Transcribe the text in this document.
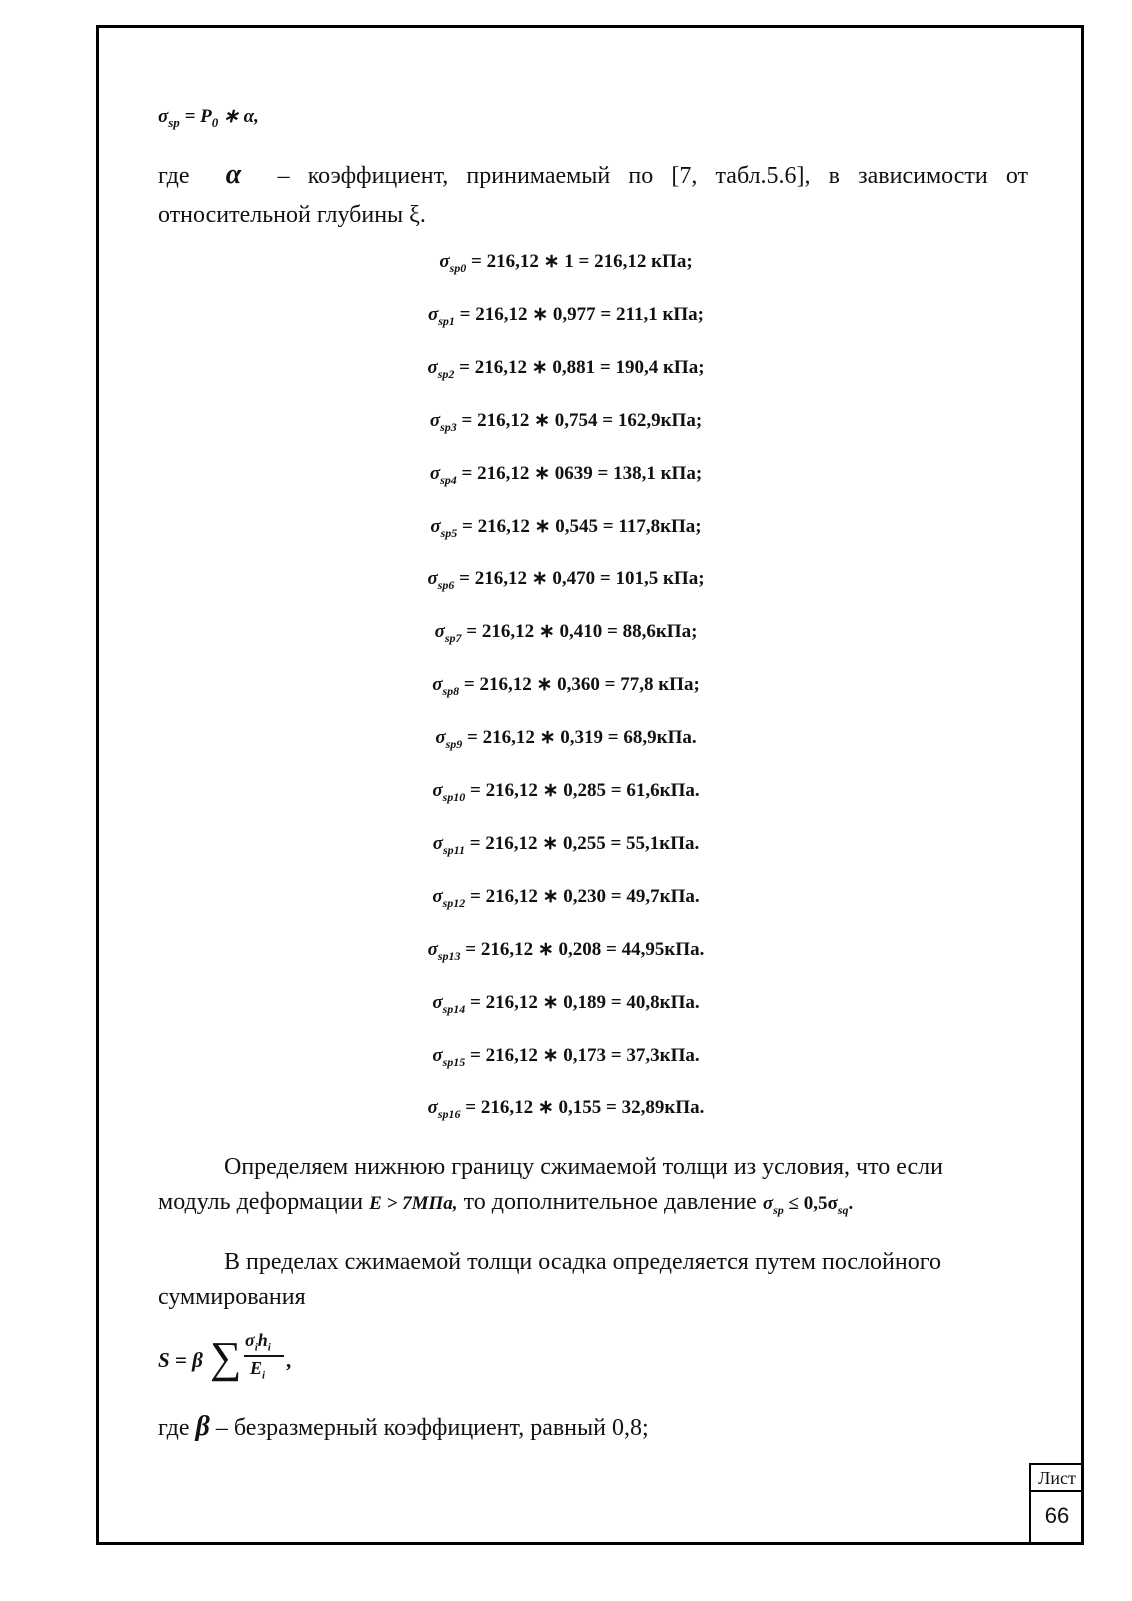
$\sigma_{sp} = P_0$ ∗ α,
где α – коэффициент, принимаемый по [7, табл.5.6], в зависимости от
относительной глубины ξ.
$\sigma_{sp0} = 216,12$ ∗ 1 = 216,12 кПа;
$\sigma_{sp1} = 216,12$ ∗ 0,977 = 211,1 кПа;
$\sigma_{sp2} = 216,12$ ∗ 0,881 = 190,4 кПа;
$\sigma_{sp3} = 216,12$ ∗ 0,754 = 162,9кПа;
$\sigma_{sp4} = 216,12$ ∗ 0639 = 138,1 кПа;
$\sigma_{sp5} = 216,12$ ∗ 0,545 = 117,8кПа;
$\sigma_{sp6} = 216,12$ ∗ 0,470 = 101,5 кПа;
$\sigma_{sp7} = 216,12$ ∗ 0,410 = 88,6кПа;
$\sigma_{sp8} = 216,12$ ∗ 0,360 = 77,8 кПа;
$\sigma_{sp9} = 216,12$ ∗ 0,319 = 68,9кПа.
$\sigma_{sp10} = 216,12$ ∗ 0,285 = 61,6кПа.
$\sigma_{sp11} = 216,12$ ∗ 0,255 = 55,1кПа.
$\sigma_{sp12} = 216,12$ ∗ 0,230 = 49,7кПа.
$\sigma_{sp13} = 216,12$ ∗ 0,208 = 44,95кПа.
$\sigma_{sp14} = 216,12$ ∗ 0,189 = 40,8кПа.
$\sigma_{sp15} = 216,12$ ∗ 0,173 = 37,3кПа.
$\sigma_{sp16} = 216,12$ ∗ 0,155 = 32,89кПа.
Определяем нижнюю границу сжимаемой толщи из условия, что если
модуль деформации E > 7МПа, то дополнительное давление $\sigma_{sp} \le 0,5\sigma_{sq}$.
В пределах сжимаемой толщи осадка определяется путем послойного
суммирования
S = β ∑ $\sigma_ih_i$
$E_i$
,
где β – безразмерный коэффициент, равный 0,8;
Лист
66
